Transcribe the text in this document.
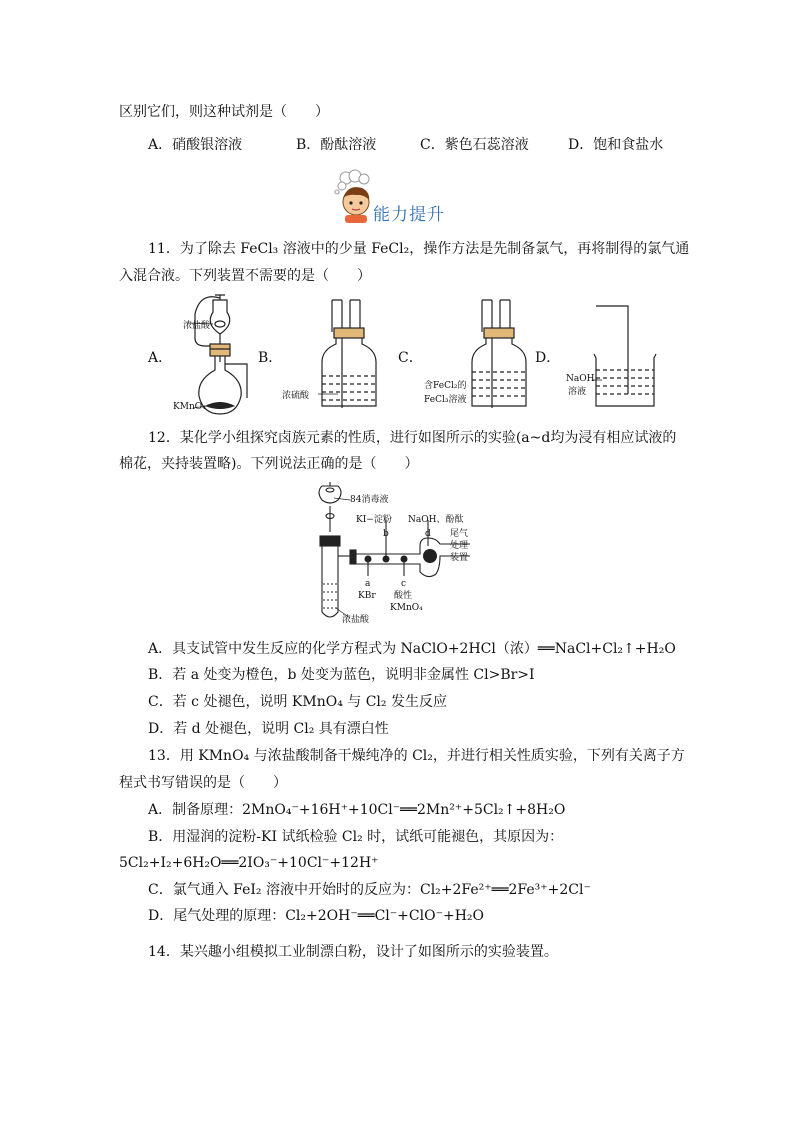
区别它们，则这种试剂是（　　）
A．硝酸银溶液	B．酚酞溶液	C．紫色石蕊溶液	D．饱和食盐水
能力提升
11．为了除去 FeCl₃ 溶液中的少量 FeCl₂，操作方法是先制备氯气，再将制得的氯气通
入混合液。下列装置不需要的是（　　）
A．	B．	C．	D．
浓盐酸
KMnO₄
浓硫酸
含FeCl₂的
FeCl₃溶液
NaOH
溶液
12．某化学小组探究卤族元素的性质，进行如图所示的实验(a~d均为浸有相应试液的
棉花，夹持装置略)。下列说法正确的是（　　）
84消毒液
KI−淀粉
b
NaOH、酚酞
d 尾气
处理
装置
a
KBr
c
酸性
KMnO₄
浓盐酸
A．具支试管中发生反应的化学方程式为 NaClO+2HCl（浓）══NaCl+Cl₂↑+H₂O
B．若 a 处变为橙色，b 处变为蓝色，说明非金属性 Cl>Br>I
C．若 c 处褪色，说明 KMnO₄ 与 Cl₂ 发生反应
D．若 d 处褪色，说明 Cl₂ 具有漂白性
13．用 KMnO₄ 与浓盐酸制备干燥纯净的 Cl₂，并进行相关性质实验，下列有关离子方
程式书写错误的是（　　）
A．制备原理：2MnO₄⁻+16H⁺+10Cl⁻══2Mn²⁺+5Cl₂↑+8H₂O
B．用湿润的淀粉-KI 试纸检验 Cl₂ 时，试纸可能褪色，其原因为：
5Cl₂+I₂+6H₂O══2IO₃⁻+10Cl⁻+12H⁺
C．氯气通入 FeI₂ 溶液中开始时的反应为：Cl₂+2Fe²⁺══2Fe³⁺+2Cl⁻
D．尾气处理的原理：Cl₂+2OH⁻══Cl⁻+ClO⁻+H₂O
14．某兴趣小组模拟工业制漂白粉，设计了如图所示的实验装置。
